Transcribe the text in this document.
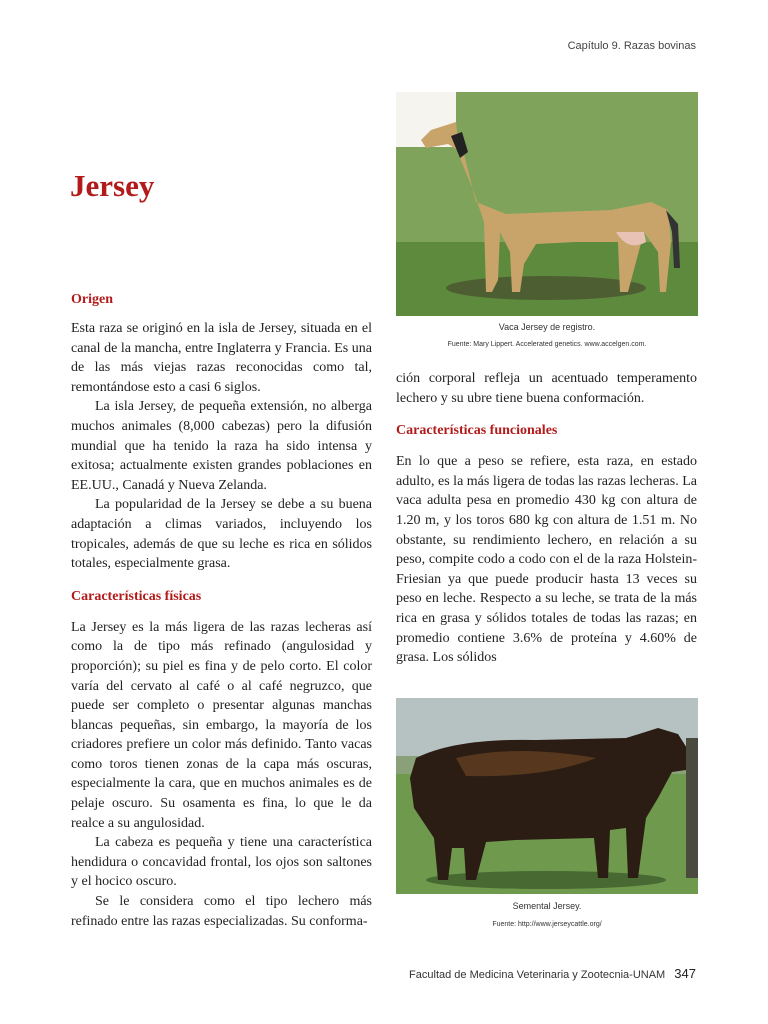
Capítulo 9. Razas bovinas
Jersey
Origen

Esta raza se originó en la isla de Jersey, situada en el canal de la mancha, entre Inglaterra y Francia. Es una de las más viejas razas reconocidas como tal, remontándose esto a casi 6 siglos.

La isla Jersey, de pequeña extensión, no alberga muchos animales (8,000 cabezas) pero la difusión mundial que ha tenido la raza ha sido intensa y exitosa; actualmente existen grandes poblaciones en EE.UU., Canadá y Nueva Zelanda.

La popularidad de la Jersey se debe a su buena adaptación a climas variados, incluyendo los tropicales, además de que su leche es rica en sólidos totales, especialmente grasa.

Características físicas

La Jersey es la más ligera de las razas lecheras así como la de tipo más refinado (angulosidad y proporción); su piel es fina y de pelo corto. El color varía del cervato al café o al café negruzco, que puede ser completo o presentar algunas manchas blancas pequeñas, sin embargo, la mayoría de los criadores prefiere un color más definido. Tanto vacas como toros tienen zonas de la capa más oscuras, especialmente la cara, que en muchos animales es de pelaje oscuro. Su osamenta es fina, lo que le da realce a su angulosidad.

La cabeza es pequeña y tiene una característica hendidura o concavidad frontal, los ojos son saltones y el hocico oscuro.

Se le considera como el tipo lechero más refinado entre las razas especializadas. Su conforma-

Vaca Jersey de registro.
Fuente: Mary Lippert. Accelerated genetics. www.accelgen.com.

ción corporal refleja un acentuado temperamento lechero y su ubre tiene buena conformación.

Características funcionales

En lo que a peso se refiere, esta raza, en estado adulto, es la más ligera de todas las razas lecheras. La vaca adulta pesa en promedio 430 kg con altura de 1.20 m, y los toros 680 kg con altura de 1.51 m. No obstante, su rendimiento lechero, en relación a su peso, compite codo a codo con el de la raza Holstein-Friesian ya que puede producir hasta 13 veces su peso en leche. Respecto a su leche, se trata de la más rica en grasa y sólidos totales de todas las razas; en promedio contiene 3.6% de proteína y 4.60% de grasa. Los sólidos

Semental Jersey.
Fuente: http://www.jerseycattle.org/
Facultad de Medicina Veterinaria y Zootecnia-UNAM 347
